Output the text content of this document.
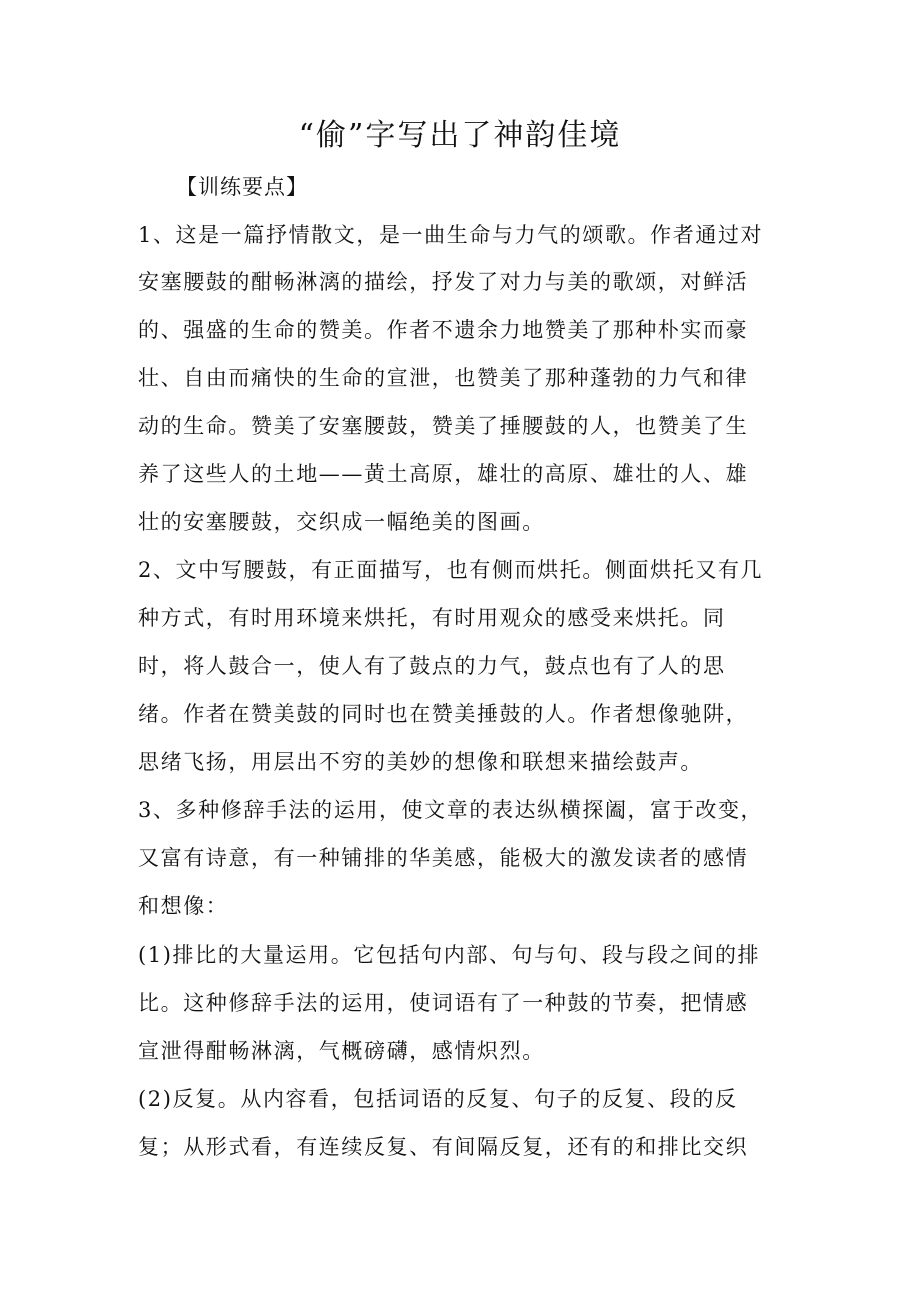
“偷”字写出了神韵佳境
【训练要点】
1、这是一篇抒情散文，是一曲生命与力气的颂歌。作者通过对
安塞腰鼓的酣畅淋漓的描绘，抒发了对力与美的歌颂，对鲜活
的、强盛的生命的赞美。作者不遗余力地赞美了那种朴实而豪
壮、自由而痛快的生命的宣泄，也赞美了那种蓬勃的力气和律
动的生命。赞美了安塞腰鼓，赞美了捶腰鼓的人，也赞美了生
养了这些人的土地——黄土高原，雄壮的高原、雄壮的人、雄
壮的安塞腰鼓，交织成一幅绝美的图画。
2、文中写腰鼓，有正面描写，也有侧而烘托。侧面烘托又有几
种方式，有时用环境来烘托，有时用观众的感受来烘托。同
时，将人鼓合一，使人有了鼓点的力气，鼓点也有了人的思
绪。作者在赞美鼓的同时也在赞美捶鼓的人。作者想像驰阱，
思绪飞扬，用层出不穷的美妙的想像和联想来描绘鼓声。
3、多种修辞手法的运用，使文章的表达纵横探阖，富于改变，
又富有诗意，有一种铺排的华美感，能极大的激发读者的感情
和想像：
(1)排比的大量运用。它包括句内部、句与句、段与段之间的排
比。这种修辞手法的运用，使词语有了一种鼓的节奏，把情感
宣泄得酣畅淋漓，气概磅礴，感情炽烈。
(2)反复。从内容看，包括词语的反复、句子的反复、段的反
复；从形式看，有连续反复、有间隔反复，还有的和排比交织
